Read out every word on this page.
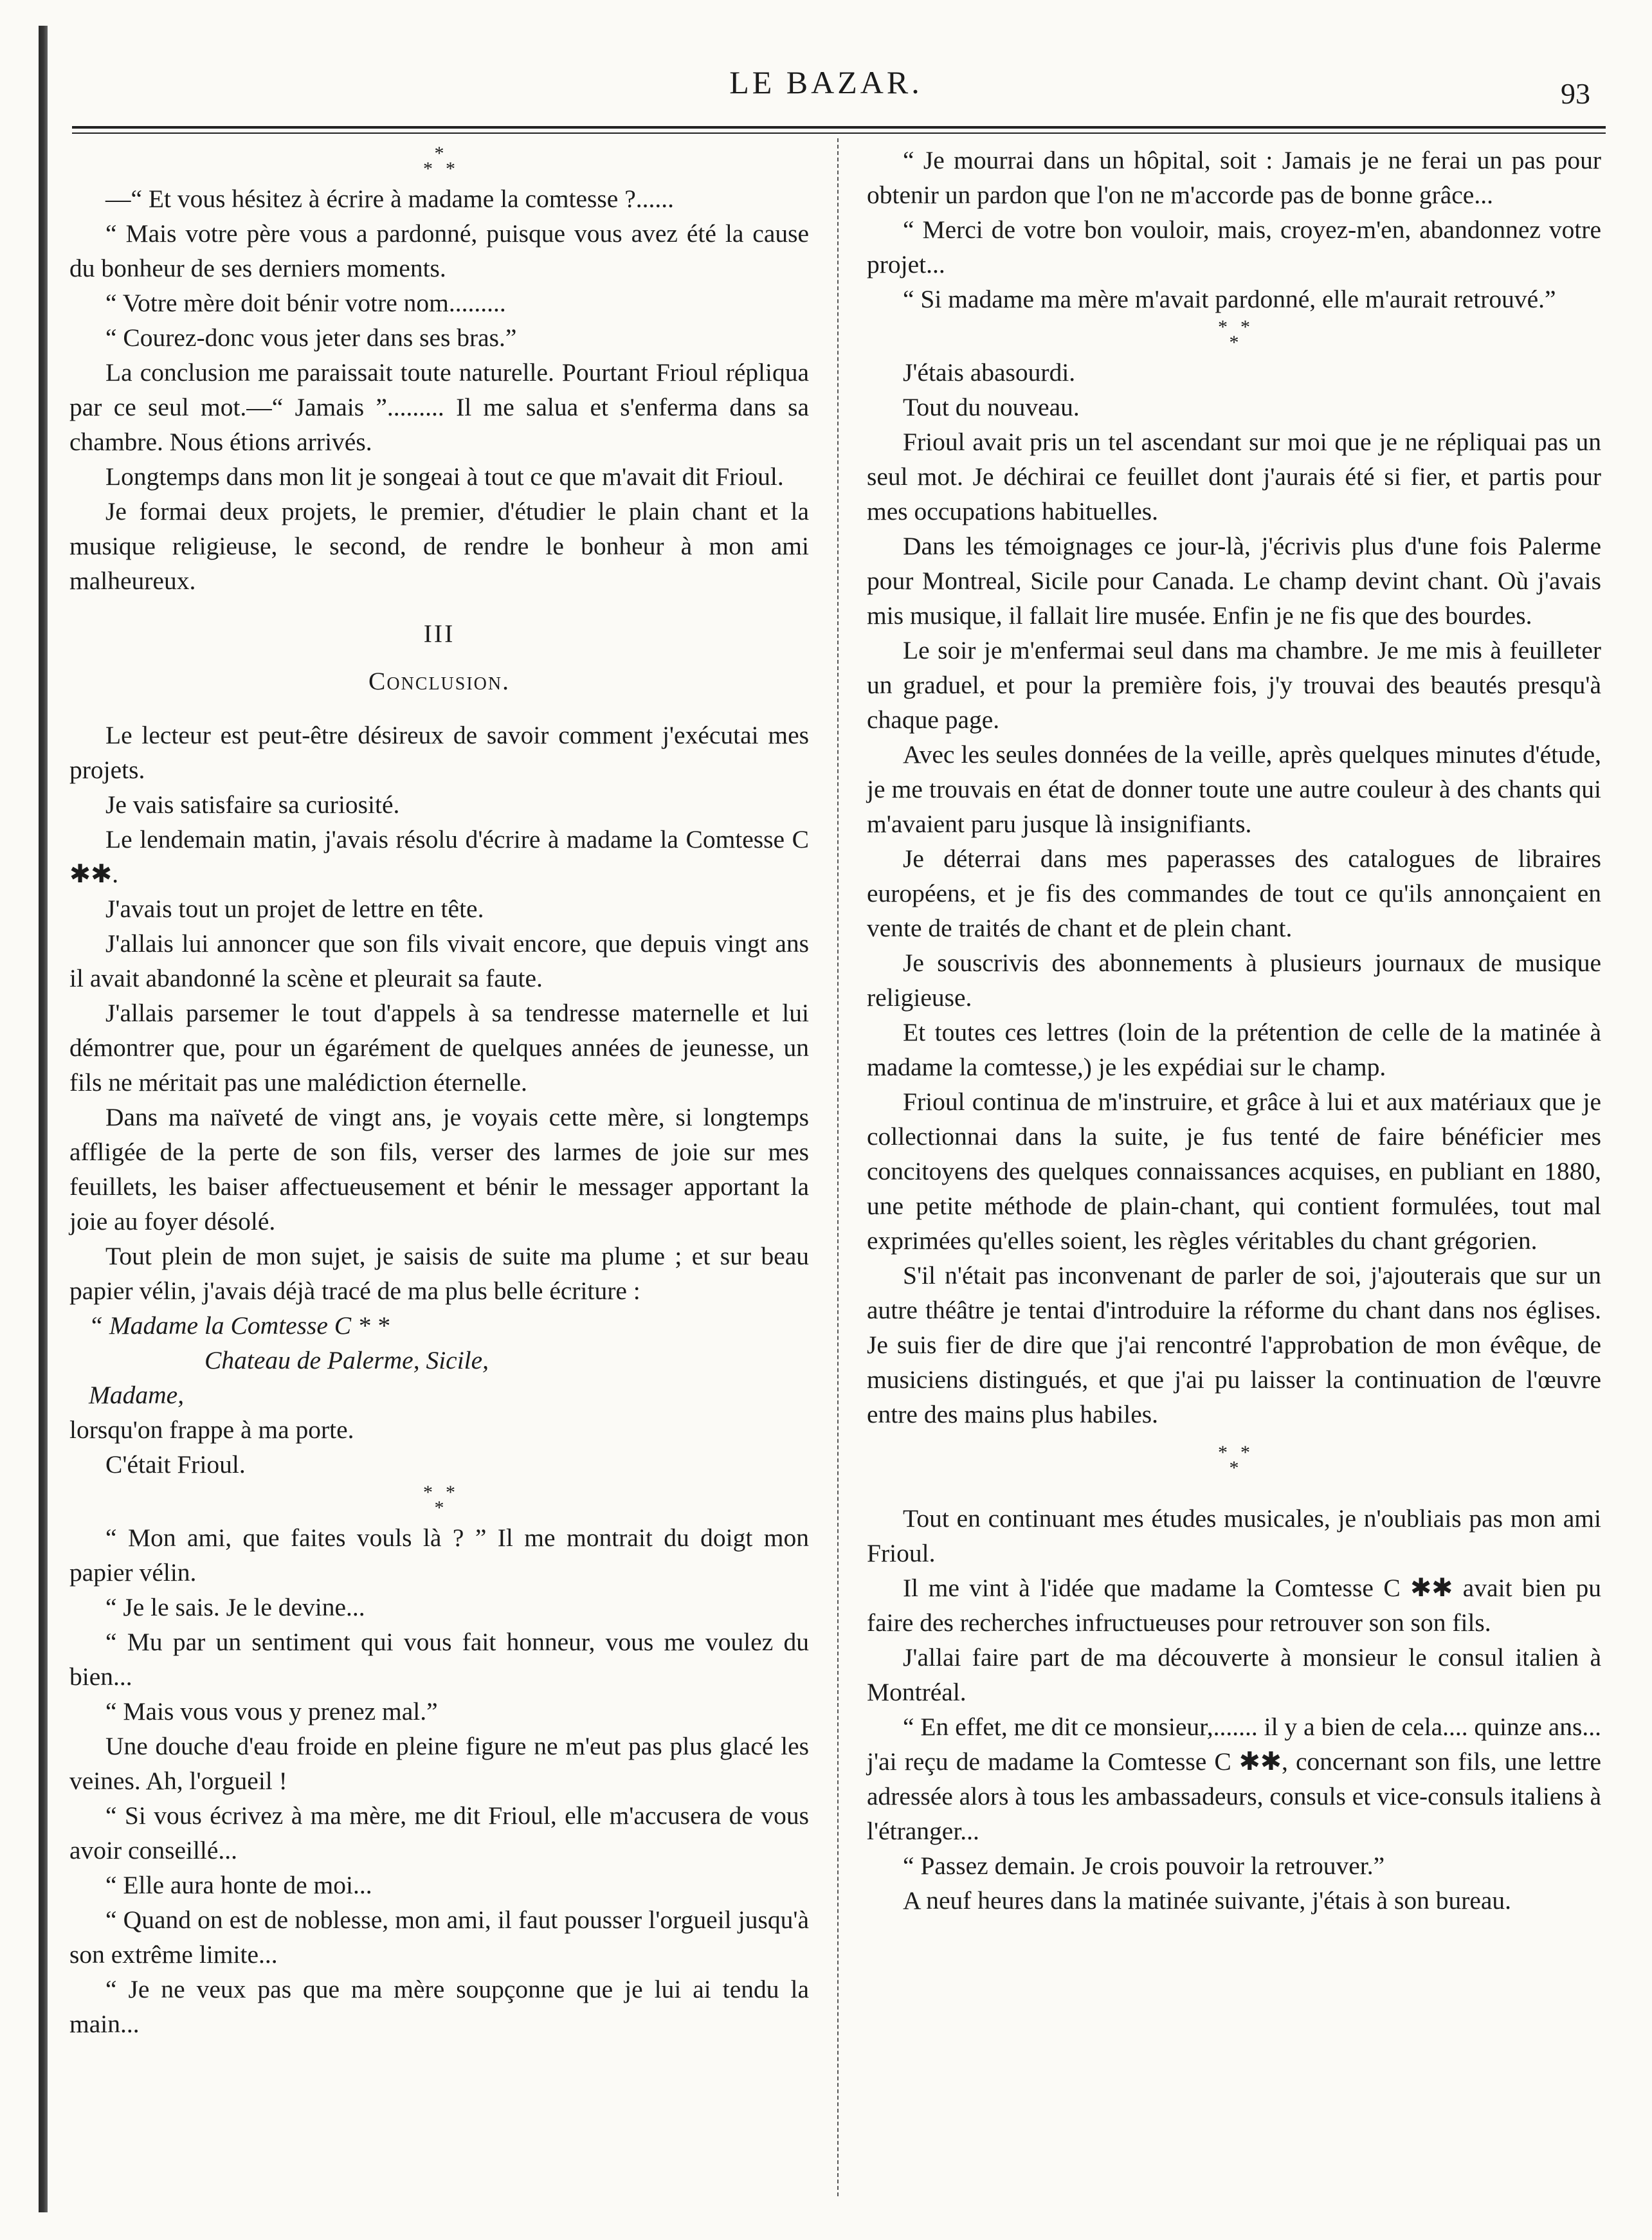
LE BAZAR.	93
*
* *

—“ Et vous hésitez à écrire à madame la comtesse ?......

“ Mais votre père vous a pardonné, puisque vous avez été la cause du bonheur de ses derniers moments.

“ Votre mère doit bénir votre nom.........

“ Courez-donc vous jeter dans ses bras.”

La conclusion me paraissait toute naturelle. Pourtant Frioul répliqua par ce seul mot.—“ Jamais ”......... Il me salua et s'enferma dans sa chambre. Nous étions arrivés.

Longtemps dans mon lit je songeai à tout ce que m'avait dit Frioul.

Je formai deux projets, le premier, d'étudier le plain chant et la musique religieuse, le second, de rendre le bonheur à mon ami malheureux.

III
Conclusion.

Le lecteur est peut-être désireux de savoir comment j'exécutai mes projets.

Je vais satisfaire sa curiosité.

Le lendemain matin, j'avais résolu d'écrire à madame la Comtesse C ✱✱.

J'avais tout un projet de lettre en tête.

J'allais lui annoncer que son fils vivait encore, que depuis vingt ans il avait abandonné la scène et pleurait sa faute.

J'allais parsemer le tout d'appels à sa tendresse maternelle et lui démontrer que, pour un égarément de quelques années de jeunesse, un fils ne méritait pas une malédiction éternelle.

Dans ma naïveté de vingt ans, je voyais cette mère, si longtemps affligée de la perte de son fils, verser des larmes de joie sur mes feuillets, les baiser affectueusement et bénir le messager apportant la joie au foyer désolé.

Tout plein de mon sujet, je saisis de suite ma plume ; et sur beau papier vélin, j'avais déjà tracé de ma plus belle écriture :

“ Madame la Comtesse C * *
Chateau de Palerme, Sicile,
Madame,

lorsqu'on frappe à ma porte.

C'était Frioul.

* *
*

“ Mon ami, que faites vouls là ? ” Il me montrait du doigt mon papier vélin.

“ Je le sais. Je le devine...

“ Mu par un sentiment qui vous fait honneur, vous me voulez du bien...

“ Mais vous vous y prenez mal.”

Une douche d'eau froide en pleine figure ne m'eut pas plus glacé les veines. Ah, l'orgueil !

“ Si vous écrivez à ma mère, me dit Frioul, elle m'accusera de vous avoir conseillé...

“ Elle aura honte de moi...

“ Quand on est de noblesse, mon ami, il faut pousser l'orgueil jusqu'à son extrême limite...

“ Je ne veux pas que ma mère soupçonne que je lui ai tendu la main...

“ Je mourrai dans un hôpital, soit : Jamais je ne ferai un pas pour obtenir un pardon que l'on ne m'accorde pas de bonne grâce...

“ Merci de votre bon vouloir, mais, croyez-m'en, abandonnez votre projet...

“ Si madame ma mère m'avait pardonné, elle m'aurait retrouvé.”

* *
*

J'étais abasourdi.

Tout du nouveau.

Frioul avait pris un tel ascendant sur moi que je ne répliquai pas un seul mot. Je déchirai ce feuillet dont j'aurais été si fier, et partis pour mes occupations habituelles.

Dans les témoignages ce jour-là, j'écrivis plus d'une fois Palerme pour Montreal, Sicile pour Canada. Le champ devint chant. Où j'avais mis musique, il fallait lire musée. Enfin je ne fis que des bourdes.

Le soir je m'enfermai seul dans ma chambre. Je me mis à feuilleter un graduel, et pour la première fois, j'y trouvai des beautés presqu'à chaque page.

Avec les seules données de la veille, après quelques minutes d'étude, je me trouvais en état de donner toute une autre couleur à des chants qui m'avaient paru jusque là insignifiants.

Je déterrai dans mes paperasses des catalogues de libraires européens, et je fis des commandes de tout ce qu'ils annonçaient en vente de traités de chant et de plein chant.

Je souscrivis des abonnements à plusieurs journaux de musique religieuse.

Et toutes ces lettres (loin de la prétention de celle de la matinée à madame la comtesse,) je les expédiai sur le champ.

Frioul continua de m'instruire, et grâce à lui et aux matériaux que je collectionnai dans la suite, je fus tenté de faire bénéficier mes concitoyens des quelques connaissances acquises, en publiant en 1880, une petite méthode de plain-chant, qui contient formulées, tout mal exprimées qu'elles soient, les règles véritables du chant grégorien.

S'il n'était pas inconvenant de parler de soi, j'ajouterais que sur un autre théâtre je tentai d'introduire la réforme du chant dans nos églises. Je suis fier de dire que j'ai rencontré l'approbation de mon évêque, de musiciens distingués, et que j'ai pu laisser la continuation de l'œuvre entre des mains plus habiles.

* *
*

Tout en continuant mes études musicales, je n'oubliais pas mon ami Frioul.

Il me vint à l'idée que madame la Comtesse C ✱✱ avait bien pu faire des recherches infructueuses pour retrouver son son fils.

J'allai faire part de ma découverte à monsieur le consul italien à Montréal.

“ En effet, me dit ce monsieur,....... il y a bien de cela.... quinze ans... j'ai reçu de madame la Comtesse C ✱✱, concernant son fils, une lettre adressée alors à tous les ambassadeurs, consuls et vice-consuls italiens à l'étranger...

“ Passez demain. Je crois pouvoir la retrouver.”

A neuf heures dans la matinée suivante, j'étais à son bureau.
